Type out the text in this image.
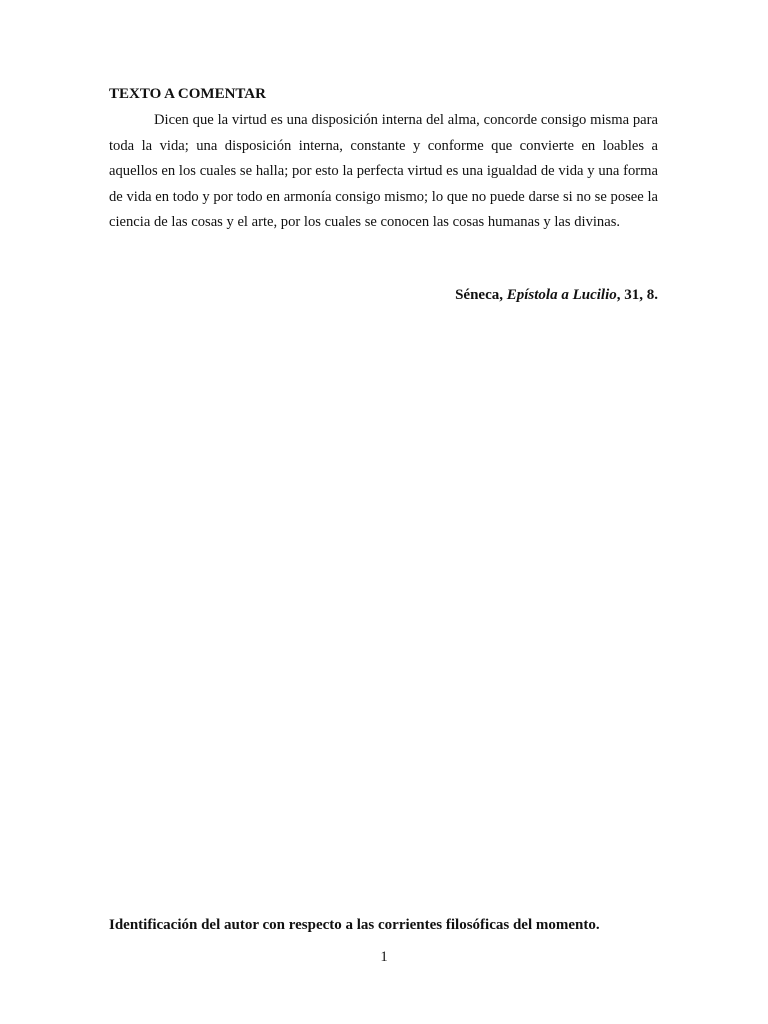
TEXTO A COMENTAR

Dicen que la virtud es una disposición interna del alma, concorde consigo misma para toda la vida; una disposición interna, constante y conforme que convierte en loables a aquellos en los cuales se halla; por esto la perfecta virtud es una igualdad de vida y una forma de vida en todo y por todo en armonía consigo mismo; lo que no puede darse si no se posee la ciencia de las cosas y el arte, por los cuales se conocen las cosas humanas y las divinas.

Séneca, Epístola a Lucilio, 31, 8.

Identificación del autor con respecto a las corrientes filosóficas del momento.

1
